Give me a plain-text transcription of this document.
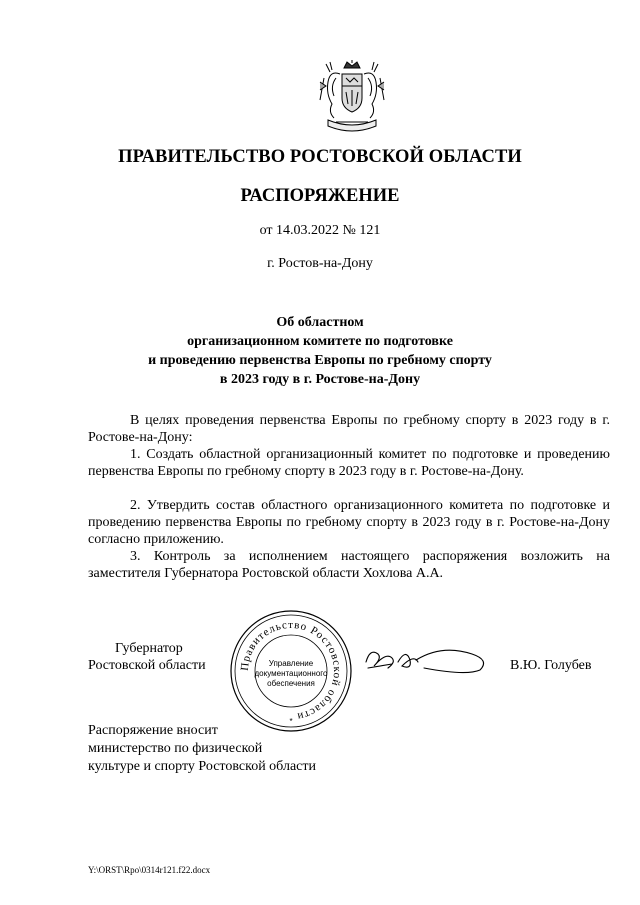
ПРАВИТЕЛЬСТВО РОСТОВСКОЙ ОБЛАСТИ
РАСПОРЯЖЕНИЕ
от 14.03.2022 № 121
г. Ростов-на-Дону
Об областном
организационном комитете по подготовке
и проведению первенства Европы по гребному спорту
в 2023 году в г. Ростове-на-Дону
В целях проведения первенства Европы по гребному спорту в 2023 году в г. Ростове-на-Дону:
1. Создать областной организационный комитет по подготовке и проведению первенства Европы по гребному спорту в 2023 году в г. Ростове-на-Дону.
2. Утвердить состав областного организационного комитета по подготовке и проведению первенства Европы по гребному спорту в 2023 году в г. Ростове-на-Дону согласно приложению.
3. Контроль за исполнением настоящего распоряжения возложить на заместителя Губернатора Ростовской области Хохлова А.А.
Губернатор
Ростовской области	Правительство Ростовской области
Управление
документационного
обеспечения
*
В.Ю. Голубев
Распоряжение вносит
министерство по физической
культуре и спорту Ростовской области
Y:\ORST\Rpo\0314r121.f22.docx
